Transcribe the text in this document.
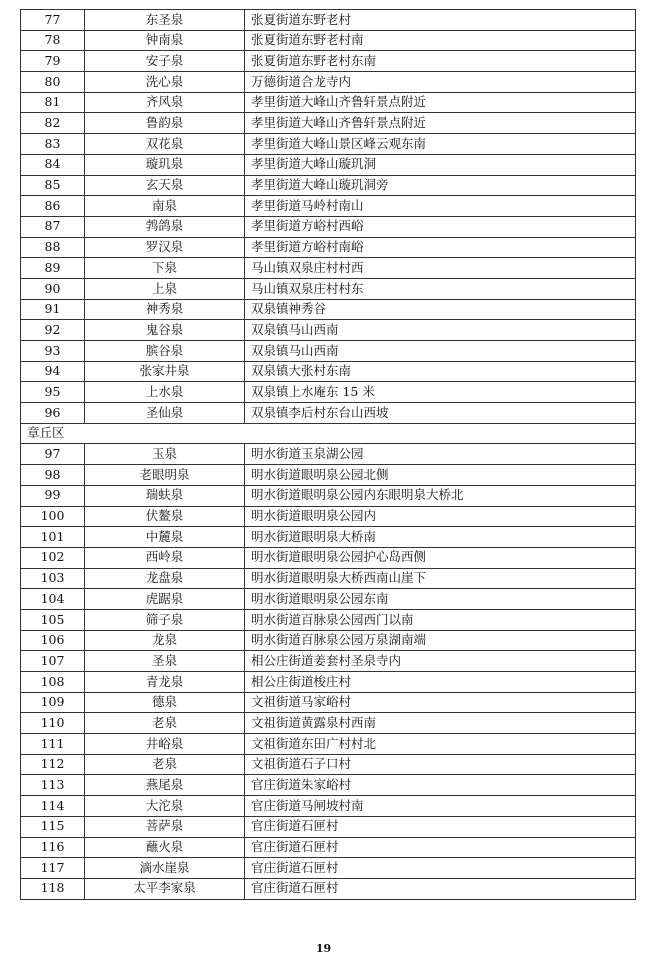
77	东圣泉	张夏街道东野老村
78	钟南泉	张夏街道东野老村南
79	安子泉	张夏街道东野老村东南
80	洗心泉	万德街道合龙寺内
81	齐风泉	孝里街道大峰山齐鲁轩景点附近
82	鲁韵泉	孝里街道大峰山齐鲁轩景点附近
83	双花泉	孝里街道大峰山景区峰云观东南
84	璇玑泉	孝里街道大峰山璇玑洞
85	玄天泉	孝里街道大峰山璇玑洞旁
86	南泉	孝里街道马岭村南山
87	鹁鸽泉	孝里街道方峪村西峪
88	罗汉泉	孝里街道方峪村南峪
89	下泉	马山镇双泉庄村村西
90	上泉	马山镇双泉庄村村东
91	神秀泉	双泉镇神秀谷
92	鬼谷泉	双泉镇马山西南
93	膑谷泉	双泉镇马山西南
94	张家井泉	双泉镇大张村东南
95	上水泉	双泉镇上水庵东 15 米
96	圣仙泉	双泉镇李后村东台山西坡
章丘区		
97	玉泉	明水街道玉泉湖公园
98	老眼明泉	明水街道眼明泉公园北侧
99	瑞蚨泉	明水街道眼明泉公园内东眼明泉大桥北
100	伏鳌泉	明水街道眼明泉公园内
101	中麓泉	明水街道眼明泉大桥南
102	西岭泉	明水街道眼明泉公园护心岛西侧
103	龙盘泉	明水街道眼明泉大桥西南山崖下
104	虎踞泉	明水街道眼明泉公园东南
105	筛子泉	明水街道百脉泉公园西门以南
106	龙泉	明水街道百脉泉公园万泉湖南端
107	圣泉	相公庄街道姜套村圣泉寺内
108	青龙泉	相公庄街道梭庄村
109	德泉	文祖街道马家峪村
110	老泉	文祖街道黄露泉村西南
111	井峪泉	文祖街道东田广村村北
112	老泉	文祖街道石子口村
113	燕尾泉	官庄街道朱家峪村
114	大沱泉	官庄街道马闸坡村南
115	菩萨泉	官庄街道石匣村
116	蘸火泉	官庄街道石匣村
117	滴水崖泉	官庄街道石匣村
118	太平李家泉	官庄街道石匣村
19
